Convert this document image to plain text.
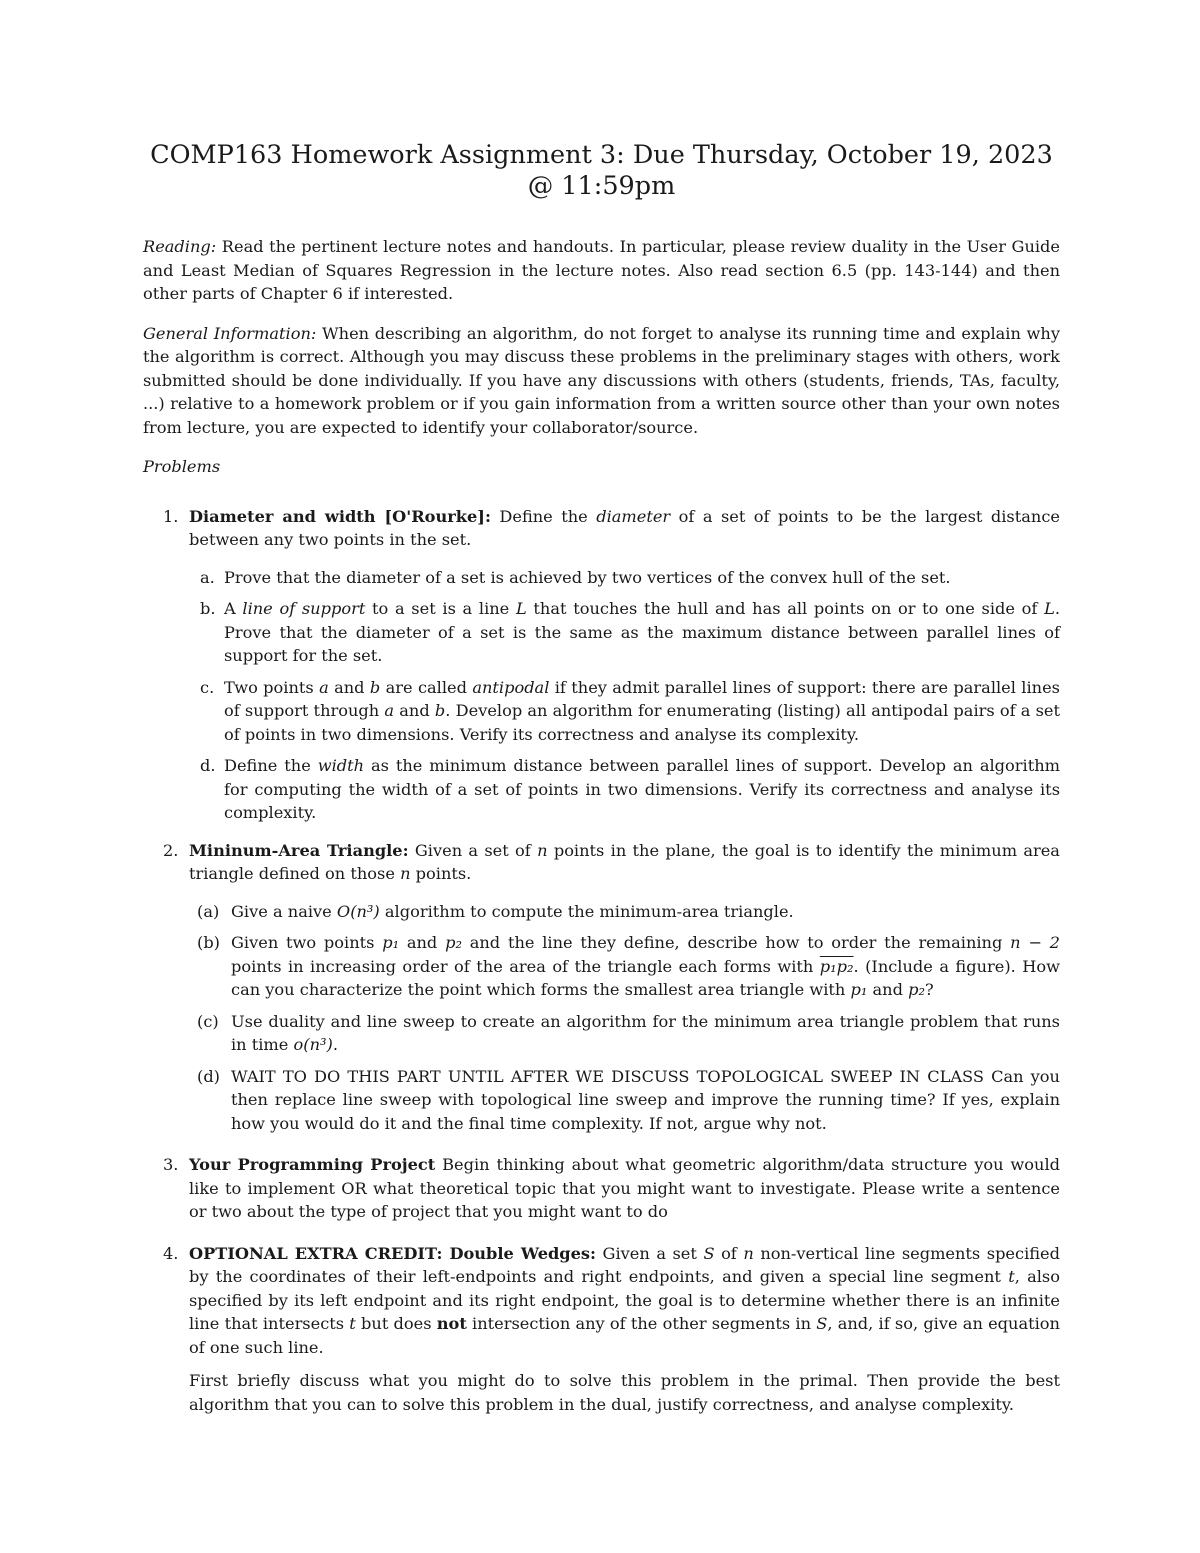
COMP163 Homework Assignment 3: Due Thursday, October 19, 2023 @ 11:59pm

Reading: Read the pertinent lecture notes and handouts. In particular, please review duality in the User Guide and Least Median of Squares Regression in the lecture notes. Also read section 6.5 (pp. 143-144) and then other parts of Chapter 6 if interested.

General Information: When describing an algorithm, do not forget to analyse its running time and explain why the algorithm is correct. Although you may discuss these problems in the preliminary stages with others, work submitted should be done individually. If you have any discussions with others (students, friends, TAs, faculty, ...) relative to a homework problem or if you gain information from a written source other than your own notes from lecture, you are expected to identify your collaborator/source.

Problems
1. Diameter and width [O'Rourke]: Define the diameter of a set of points to be the largest distance between any two points in the set.
a. Prove that the diameter of a set is achieved by two vertices of the convex hull of the set.
b. A line of support to a set is a line L that touches the hull and has all points on or to one side of L. Prove that the diameter of a set is the same as the maximum distance between parallel lines of support for the set.
c. Two points a and b are called antipodal if they admit parallel lines of support: there are parallel lines of support through a and b. Develop an algorithm for enumerating (listing) all antipodal pairs of a set of points in two dimensions. Verify its correctness and analyse its complexity.
d. Define the width as the minimum distance between parallel lines of support. Develop an algorithm for computing the width of a set of points in two dimensions. Verify its correctness and analyse its complexity.
2. Mininum-Area Triangle: Given a set of n points in the plane, the goal is to identify the minimum area triangle defined on those n points.
(a) Give a naive O(n³) algorithm to compute the minimum-area triangle.
(b) Given two points p₁ and p₂ and the line they define, describe how to order the remaining n − 2 points in increasing order of the area of the triangle each forms with p₁p₂. (Include a figure). How can you characterize the point which forms the smallest area triangle with p₁ and p₂?
(c) Use duality and line sweep to create an algorithm for the minimum area triangle problem that runs in time o(n³).
(d) WAIT TO DO THIS PART UNTIL AFTER WE DISCUSS TOPOLOGICAL SWEEP IN CLASS Can you then replace line sweep with topological line sweep and improve the running time? If yes, explain how you would do it and the final time complexity. If not, argue why not.
3. Your Programming Project Begin thinking about what geometric algorithm/data structure you would like to implement OR what theoretical topic that you might want to investigate. Please write a sentence or two about the type of project that you might want to do
4. OPTIONAL EXTRA CREDIT: Double Wedges: Given a set S of n non-vertical line segments specified by the coordinates of their left-endpoints and right endpoints, and given a special line segment t, also specified by its left endpoint and its right endpoint, the goal is to determine whether there is an infinite line that intersects t but does not intersection any of the other segments in S, and, if so, give an equation of one such line.
First briefly discuss what you might do to solve this problem in the primal. Then provide the best algorithm that you can to solve this problem in the dual, justify correctness, and analyse complexity.
